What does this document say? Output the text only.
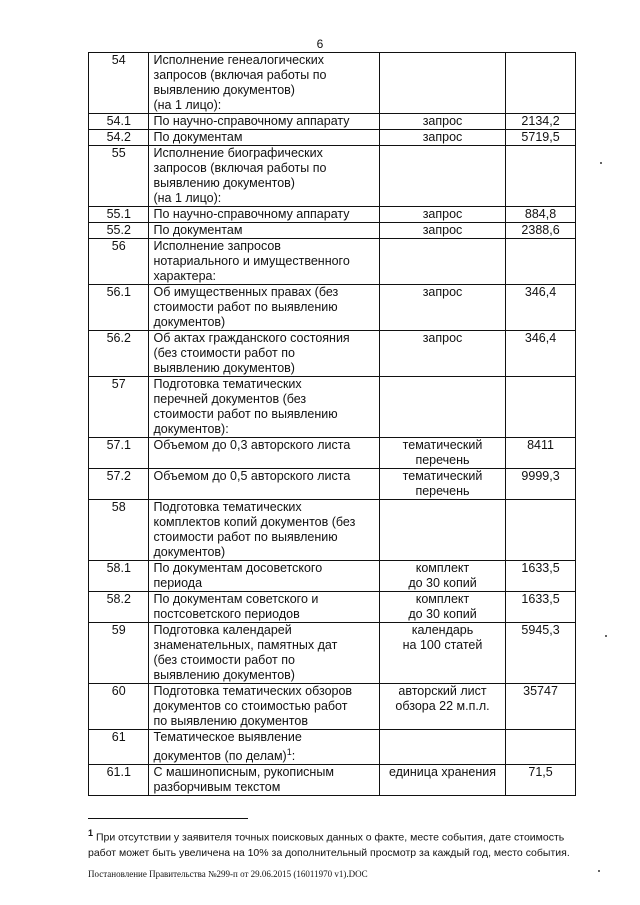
6
54	Исполнение генеалогических
запросов (включая работы по
выявлению документов)
(на 1 лицо):		

54.1	По научно-справочному аппарату	запрос	2134,2

54.2	По документам	запрос	5719,5

55	Исполнение биографических
запросов (включая работы по
выявлению документов)
(на 1 лицо):		

55.1	По научно-справочному аппарату	запрос	884,8

55.2	По документам	запрос	2388,6

56	Исполнение запросов
нотариального и имущественного
характера:		

56.1	Об имущественных правах (без
стоимости работ по выявлению
документов)	запрос	346,4

56.2	Об актах гражданского состояния
(без стоимости работ по
выявлению документов)	запрос	346,4

57	Подготовка тематических
перечней документов (без
стоимости работ по выявлению
документов):		

57.1	Объемом до 0,3 авторского листа	тематический
перечень	8411

57.2	Объемом до 0,5 авторского листа	тематический
перечень	9999,3

58	Подготовка тематических
комплектов копий документов (без
стоимости работ по выявлению
документов)		

58.1	По документам досоветского
периода	комплект
до 30 копий	1633,5

58.2	По документам советского и
постсоветского периодов	комплект
до 30 копий	1633,5

59	Подготовка календарей
знаменательных, памятных дат
(без стоимости работ по
выявлению документов)	календарь
на 100 статей	5945,3

60	Подготовка тематических обзоров
документов со стоимостью работ
по выявлению документов	авторский лист
обзора 22 м.п.л.	35747

61	Тематическое выявление
документов (по делам)$^1$:	

61.1	С машинописным, рукописным
разборчивым текстом	единица хранения	71,5
$^1$ При отсутствии у заявителя точных поисковых данных о факте, месте события, дате стоимость работ может быть увеличена на 10% за дополнительный просмотр за каждый год, место события.
Постановление Правительства №299-п от 29.06.2015 (16011970 v1).DOC
